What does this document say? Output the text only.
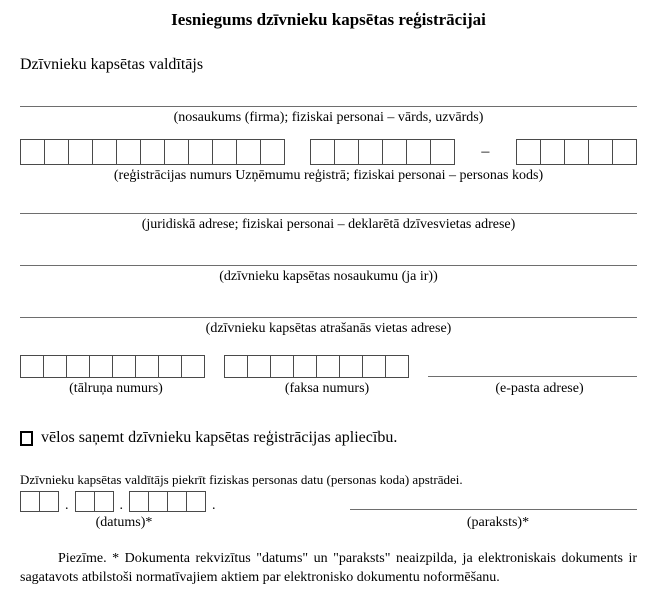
Iesniegums dzīvnieku kapsētas reģistrācijai

Dzīvnieku kapsētas valdītājs

(nosaukums (firma); fiziskai personai – vārds, uzvārds)
–
(reģistrācijas numurs Uzņēmumu reģistrā; fiziskai personai – personas kods)
(juridiskā adrese; fiziskai personai – deklarētā dzīvesvietas adrese)
(dzīvnieku kapsētas nosaukumu (ja ir))
(dzīvnieku kapsētas atrašanās vietas adrese)
(tālruņa numurs)	(faksa numurs)	(e-pasta adrese)
vēlos saņemt dzīvnieku kapsētas reģistrācijas apliecību.

Dzīvnieku kapsētas valdītājs piekrīt fiziskas personas datu (personas koda) apstrādei.

.	.	.
(datums)*	(paraksts)*

Piezīme. * Dokumenta rekvizītus "datums" un "paraksts" neaizpilda, ja elektroniskais dokuments ir sagatavots atbilstoši normatīvajiem aktiem par elektronisko dokumentu noformēšanu.
